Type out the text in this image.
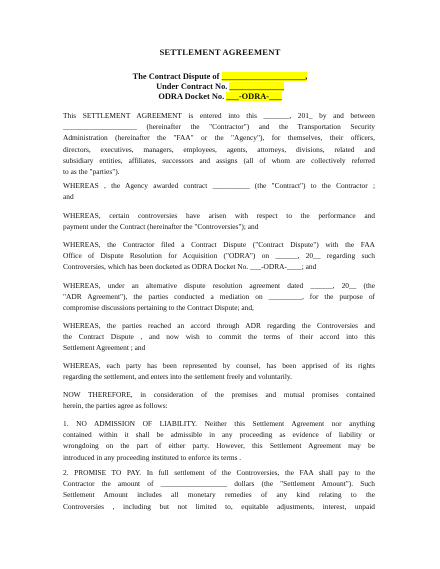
SETTLEMENT AGREEMENT
The Contract Dispute of ____________________,
Under Contract No. _____________
ODRA Docket No. ___-ODRA-___
This SETTLEMENT AGREEMENT is entered into this _______, 201_ by and between
____________________ (hereinafter the "Contractor") and the Transportation Security
Administration (hereinafter the "FAA" or the "Agency"), for themselves, their officers,
directors, executives, managers, employees, agents, attorneys, divisions, related and
subsidiary entities, affiliates, successors and assigns (all of whom are collectively referred
to as the "parties").
WHEREAS , the Agency awarded contract __________ (the "Contract") to the Contractor ;
and
WHEREAS, certain controversies have arisen with respect to the performance and
payment under the Contract (hereinafter the "Controversies"); and
WHEREAS, the Contractor filed a Contract Dispute ("Contract Dispute") with the FAA
Office of Dispute Resolution for Acquisition ("ODRA") on ______, 20__ regarding such
Controversies, which has been docketed as ODRA Docket No. ___-ODRA-____; and
WHEREAS, under an alternative dispute resolution agreement dated ______, 20__ (the
"ADR Agreement"), the parties conducted a mediation on _________, for the purpose of
compromise discussions pertaining to the Contract Dispute; and,
WHEREAS, the parties reached an accord through ADR regarding the Controversies and
the Contract Dispute , and now wish to commit the terms of their accord into this
Settlement Agreement ; and
WHEREAS, each party has been represented by counsel, has been apprised of its rights
regarding the settlement, and enters into the settlement freely and voluntarily.
NOW THEREFORE, in consideration of the premises and mutual promises contained
herein, the parties agree as follows:
1. NO ADMISSION OF LIABILITY. Neither this Settlement Agreement nor anything
contained within it shall be admissible in any proceeding as evidence of liability or
wrongdoing on the part of either party. However, this Settlement Agreement may be
introduced in any proceeding instituted to enforce its terms .
2. PROMISE TO PAY. In full settlement of the Controversies, the FAA shall pay to the
Contractor the amount of __________________ dollars (the "Settlement Amount"). Such
Settlement Amount includes all monetary remedies of any kind relating to the
Controversies , including but not limited to, equitable adjustments, interest, unpaid
